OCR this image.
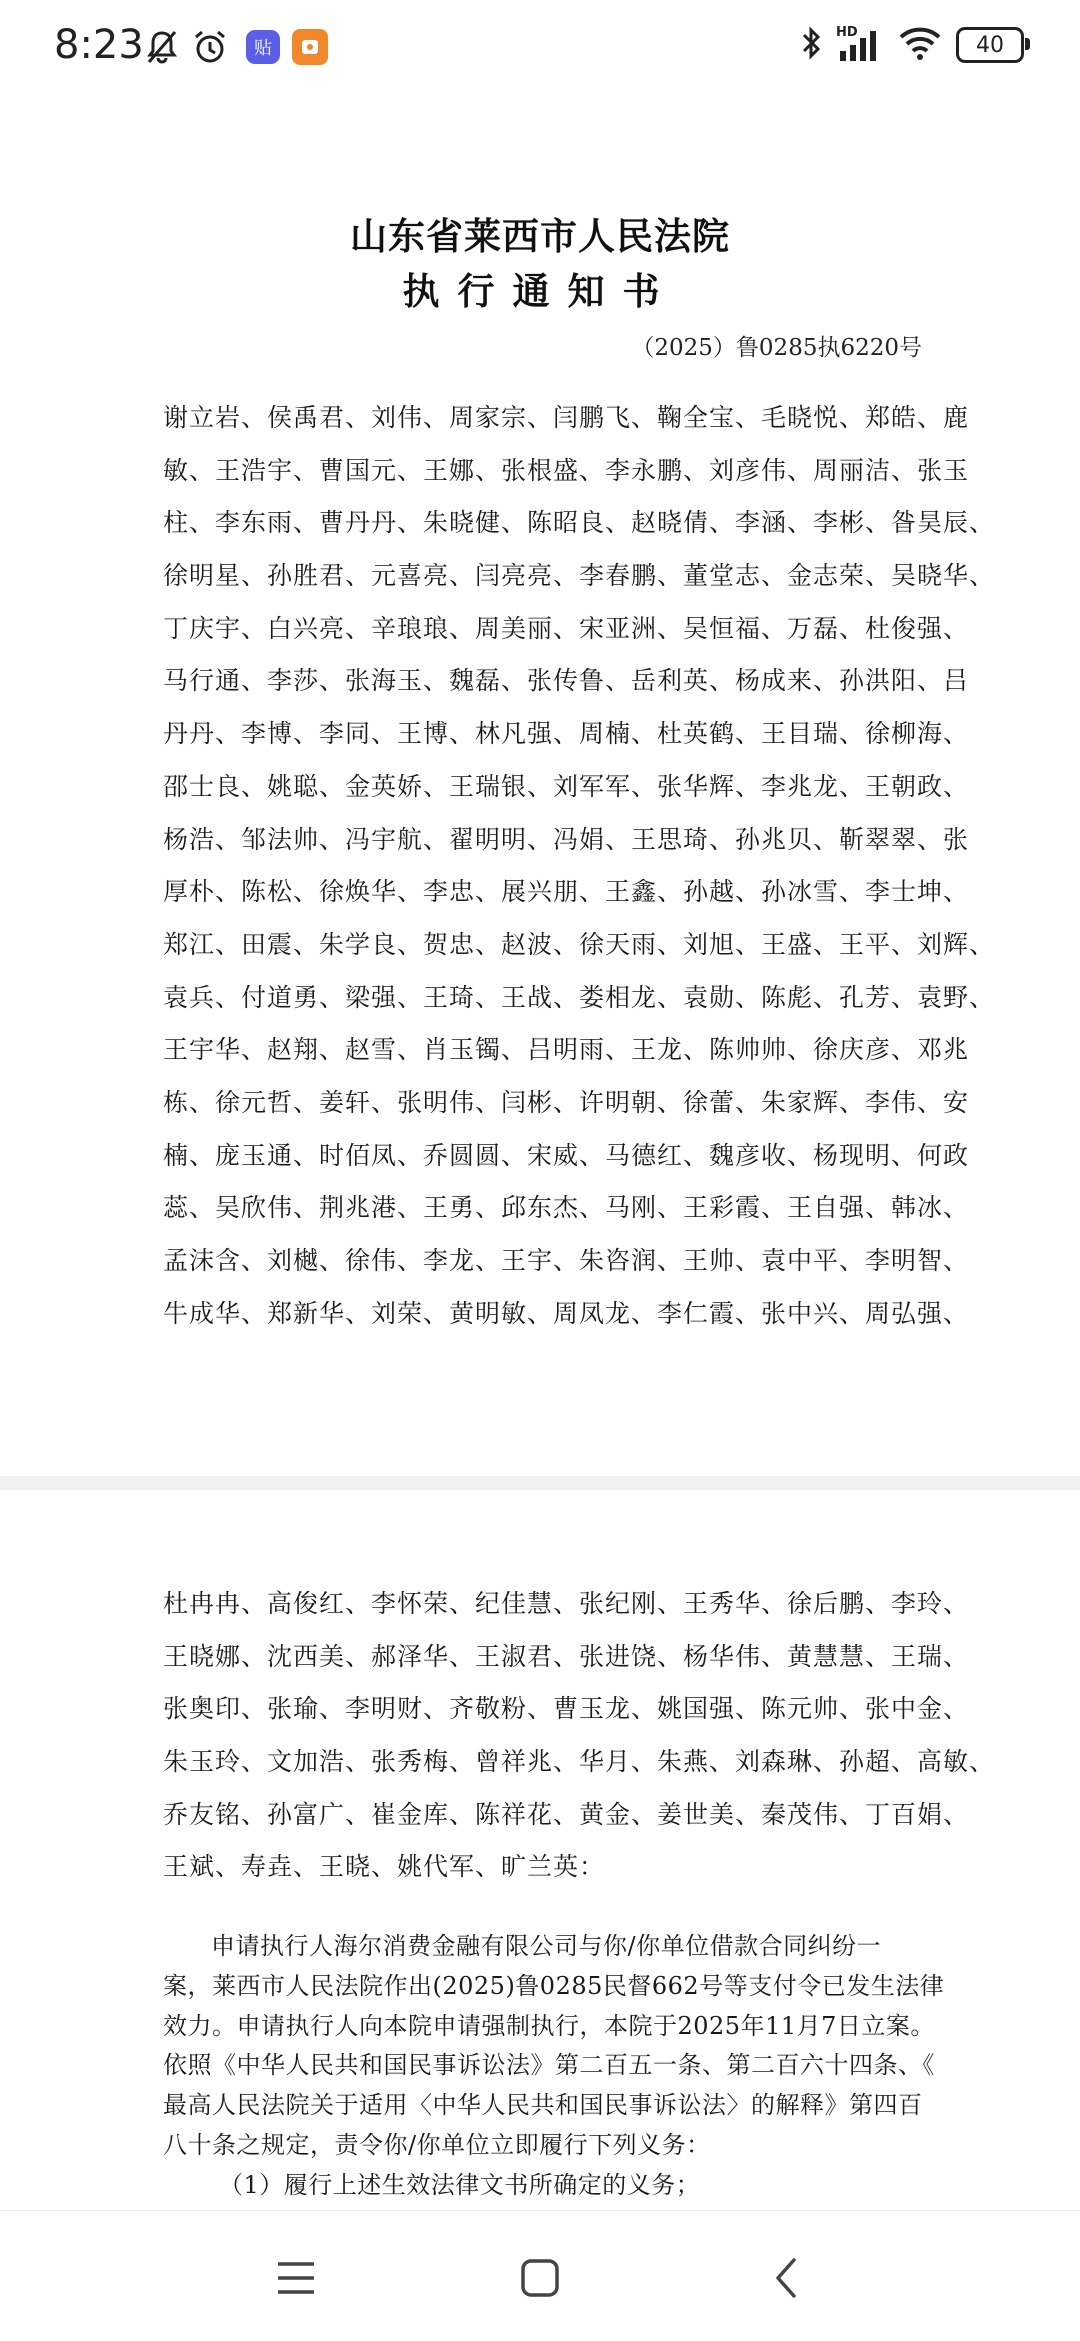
8:23	贴
HD	40
山东省莱西市人民法院
执行通知书
（2025）鲁0285执6220号
谢立岩、侯禹君、刘伟、周家宗、闫鹏飞、鞠全宝、毛晓悦、郑皓、鹿
敏、王浩宇、曹国元、王娜、张根盛、李永鹏、刘彦伟、周丽洁、张玉
柱、李东雨、曹丹丹、朱晓健、陈昭良、赵晓倩、李涵、李彬、昝昊辰、
徐明星、孙胜君、元喜亮、闫亮亮、李春鹏、董堂志、金志荣、吴晓华、
丁庆宇、白兴亮、辛琅琅、周美丽、宋亚洲、吴恒福、万磊、杜俊强、
马行通、李莎、张海玉、魏磊、张传鲁、岳利英、杨成来、孙洪阳、吕
丹丹、李博、李同、王博、林凡强、周楠、杜英鹤、王目瑞、徐柳海、
邵士良、姚聪、金英娇、王瑞银、刘军军、张华辉、李兆龙、王朝政、
杨浩、邹法帅、冯宇航、翟明明、冯娟、王思琦、孙兆贝、靳翠翠、张
厚朴、陈松、徐焕华、李忠、展兴朋、王鑫、孙越、孙冰雪、李士坤、
郑江、田震、朱学良、贺忠、赵波、徐天雨、刘旭、王盛、王平、刘辉、
袁兵、付道勇、梁强、王琦、王战、娄相龙、袁勋、陈彪、孔芳、袁野、
王宇华、赵翔、赵雪、肖玉镯、吕明雨、王龙、陈帅帅、徐庆彦、邓兆
栋、徐元哲、姜轩、张明伟、闫彬、许明朝、徐蕾、朱家辉、李伟、安
楠、庞玉通、时佰凤、乔圆圆、宋威、马德红、魏彦收、杨现明、何政
蕊、吴欣伟、荆兆港、王勇、邱东杰、马刚、王彩霞、王自强、韩冰、
孟沫含、刘樾、徐伟、李龙、王宇、朱咨润、王帅、袁中平、李明智、
牛成华、郑新华、刘荣、黄明敏、周凤龙、李仁霞、张中兴、周弘强、
杜冉冉、高俊红、李怀荣、纪佳慧、张纪刚、王秀华、徐后鹏、李玲、
王晓娜、沈西美、郝泽华、王淑君、张进饶、杨华伟、黄慧慧、王瑞、
张奥印、张瑜、李明财、齐敬粉、曹玉龙、姚国强、陈元帅、张中金、
朱玉玲、文加浩、张秀梅、曾祥兆、华月、朱燕、刘森琳、孙超、高敏、
乔友铭、孙富广、崔金库、陈祥花、黄金、姜世美、秦茂伟、丁百娟、
王斌、寿垚、王晓、姚代军、旷兰英：
申请执行人海尔消费金融有限公司与你/你单位借款合同纠纷一
案，莱西市人民法院作出(2025)鲁0285民督662号等支付令已发生法律
效力。申请执行人向本院申请强制执行，本院于2025年11月7日立案。
依照《中华人民共和国民事诉讼法》第二百五一条、第二百六十四条、《
最高人民法院关于适用〈中华人民共和国民事诉讼法〉的解释》第四百
八十条之规定，责令你/你单位立即履行下列义务：
（1）履行上述生效法律文书所确定的义务；
